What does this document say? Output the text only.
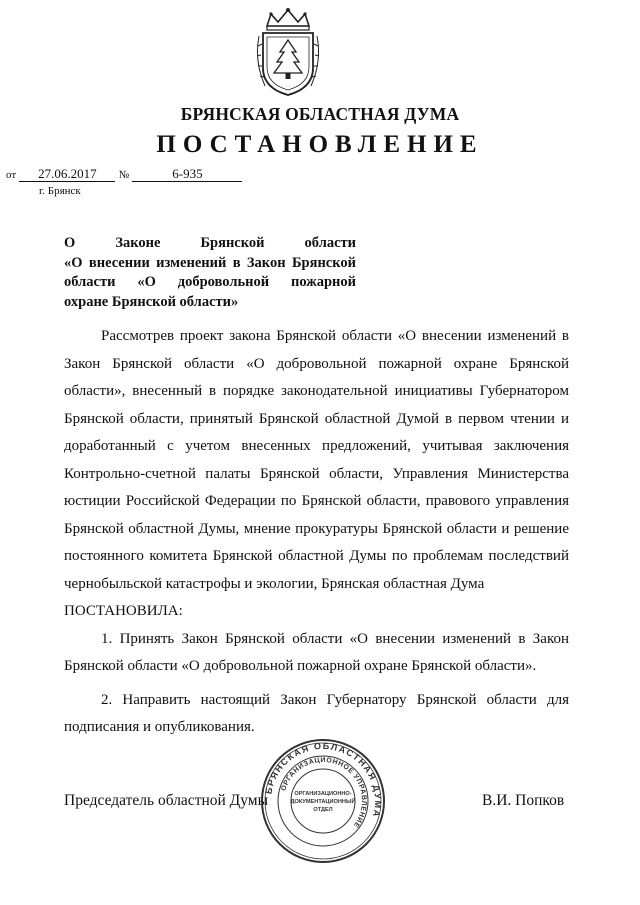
БРЯНСКАЯ ОБЛАСТНАЯ ДУМА
ПОСТАНОВЛЕНИЕ
от 27.06.2017 №	6-935
г. Брянск
О Законе Брянской области
«О внесении изменений в Закон Брянской
области «О добровольной пожарной
охране Брянской области»

Рассмотрев проект закона Брянской области «О внесении изменений в Закон Брянской области «О добровольной пожарной охране Брянской области», внесенный в порядке законодательной инициативы Губернатором Брянской области, принятый Брянской областной Думой в первом чтении и доработанный с учетом внесенных предложений, учитывая заключения Контрольно-счетной палаты Брянской области, Управления Министерства юстиции Российской Федерации по Брянской области, правового управления Брянской областной Думы, мнение прокуратуры Брянской области и решение постоянного комитета Брянской областной Думы по проблемам последствий чернобыльской катастрофы и экологии, Брянская областная Дума

ПОСТАНОВИЛА:

1. Принять Закон Брянской области «О внесении изменений в Закон Брянской области «О добровольной пожарной охране Брянской области».

2. Направить настоящий Закон Губернатору Брянской области для подписания и опубликования.

Председатель областной Думы	В.И. Попков
БРЯНСКАЯ ОБЛАСТНАЯ ДУМА
ОРГАНИЗАЦИОННОЕ УПРАВЛЕНИЕ
ОРГАНИЗАЦИОННО-
ДОКУМЕНТАЦИОННЫЙ
ОТДЕЛ
